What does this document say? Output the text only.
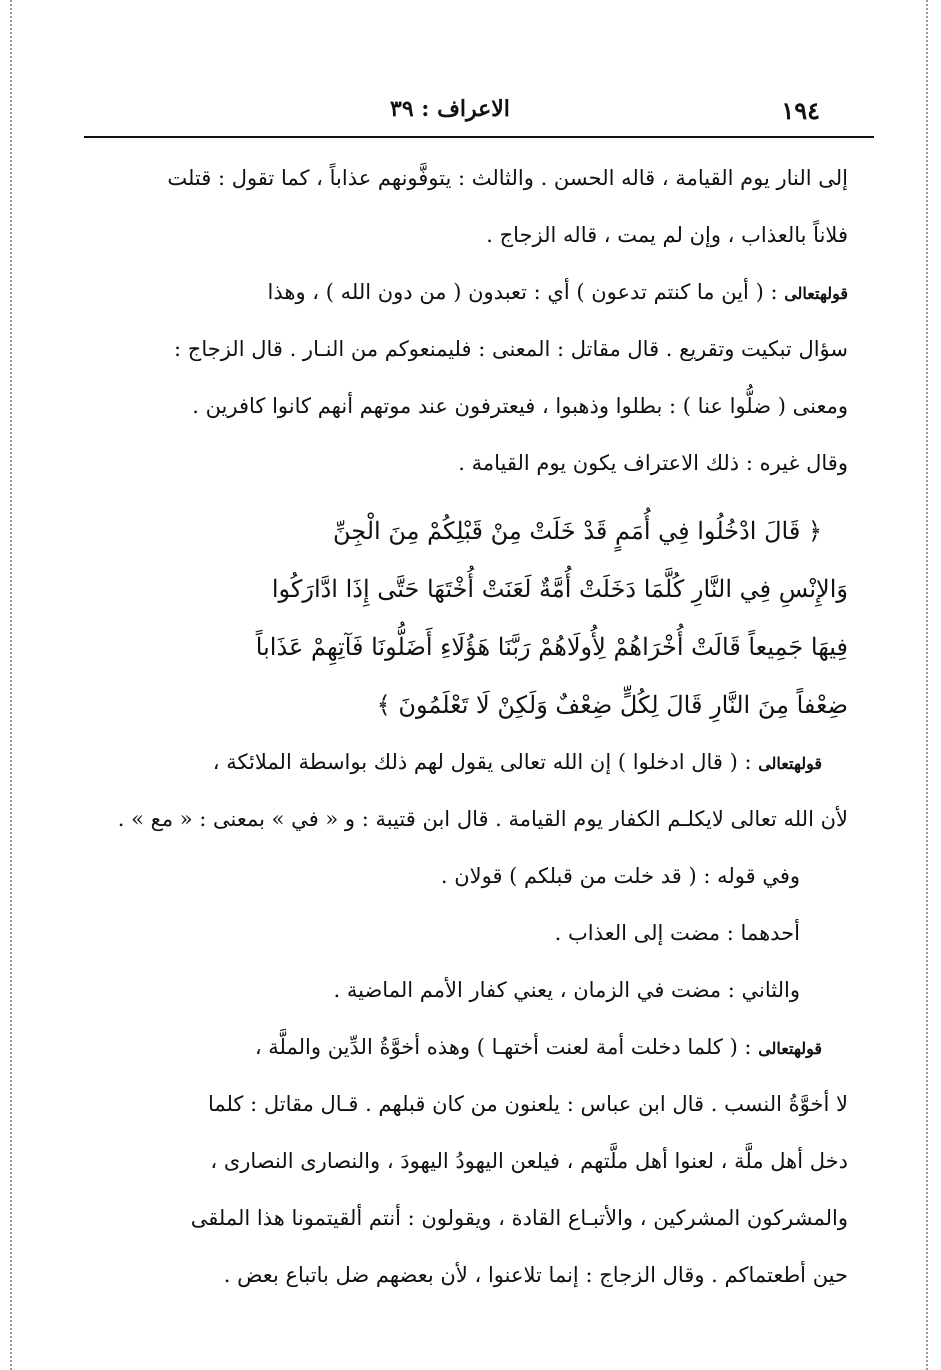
١٩٤
الاعراف : ٣٩
إلى النار يوم القيامة ، قاله الحسن . والثالث : يتوفَّونهم عذاباً ، كما تقول : قتلت
فلاناً بالعذاب ، وإن لم يمت ، قاله الزجاج .
قولهتعالى : ( أين ما كنتم تدعون ) أي : تعبدون ( من دون الله ) ، وهذا
سؤال تبكيت وتقريع . قال مقاتل : المعنى : فليمنعوكم من النـار . قال الزجاج :
ومعنى ( ضلُّوا عنا ) : بطلوا وذهبوا ، فيعترفون عند موتهم أنهم كانوا كافرين .
وقال غيره : ذلك الاعتراف يكون يوم القيامة .
﴿ قَالَ ادْخُلُوا فِي أُمَمٍ قَدْ خَلَتْ مِنْ قَبْلِكُمْ مِنَ الْجِنِّ
وَالإِنْسِ فِي النَّارِ كُلَّمَا دَخَلَتْ أُمَّةٌ لَعَنَتْ أُخْتَهَا حَتَّى إِذَا ادَّارَكُوا
فِيهَا جَمِيعاً قَالَتْ أُخْرَاهُمْ لِأُولَاهُمْ رَبَّنَا هَؤُلَاءِ أَضَلُّونَا فَآتِهِمْ عَذَاباً
ضِعْفاً مِنَ النَّارِ قَالَ لِكُلٍّ ضِعْفٌ وَلَكِنْ لَا تَعْلَمُونَ ﴾
قولهتعالى : ( قال ادخلوا ) إن الله تعالى يقول لهم ذلك بواسطة الملائكة ،
لأن الله تعالى لايكلـم الكفار يوم القيامة . قال ابن قتيبة : و « في » بمعنى : « مع » .
وفي قوله : ( قد خلت من قبلكم ) قولان .
أحدهما : مضت إلى العذاب .
والثاني : مضت في الزمان ، يعني كفار الأمم الماضية .
قولهتعالى : ( كلما دخلت أمة لعنت أختهـا ) وهذه أخوَّةُ الدِّين والملَّة ،
لا أخوَّةُ النسب . قال ابن عباس : يلعنون من كان قبلهم . قـال مقاتل : كلما
دخل أهل ملَّة ، لعنوا أهل ملَّتهم ، فيلعن اليهودُ اليهودَ ، والنصارى النصارى ،
والمشركون المشركين ، والأتبـاع القادة ، ويقولون : أنتم ألقيتمونا هذا الملقى
حين أطعتماكم . وقال الزجاج : إنما تلاعنوا ، لأن بعضهم ضل باتباع بعض .
